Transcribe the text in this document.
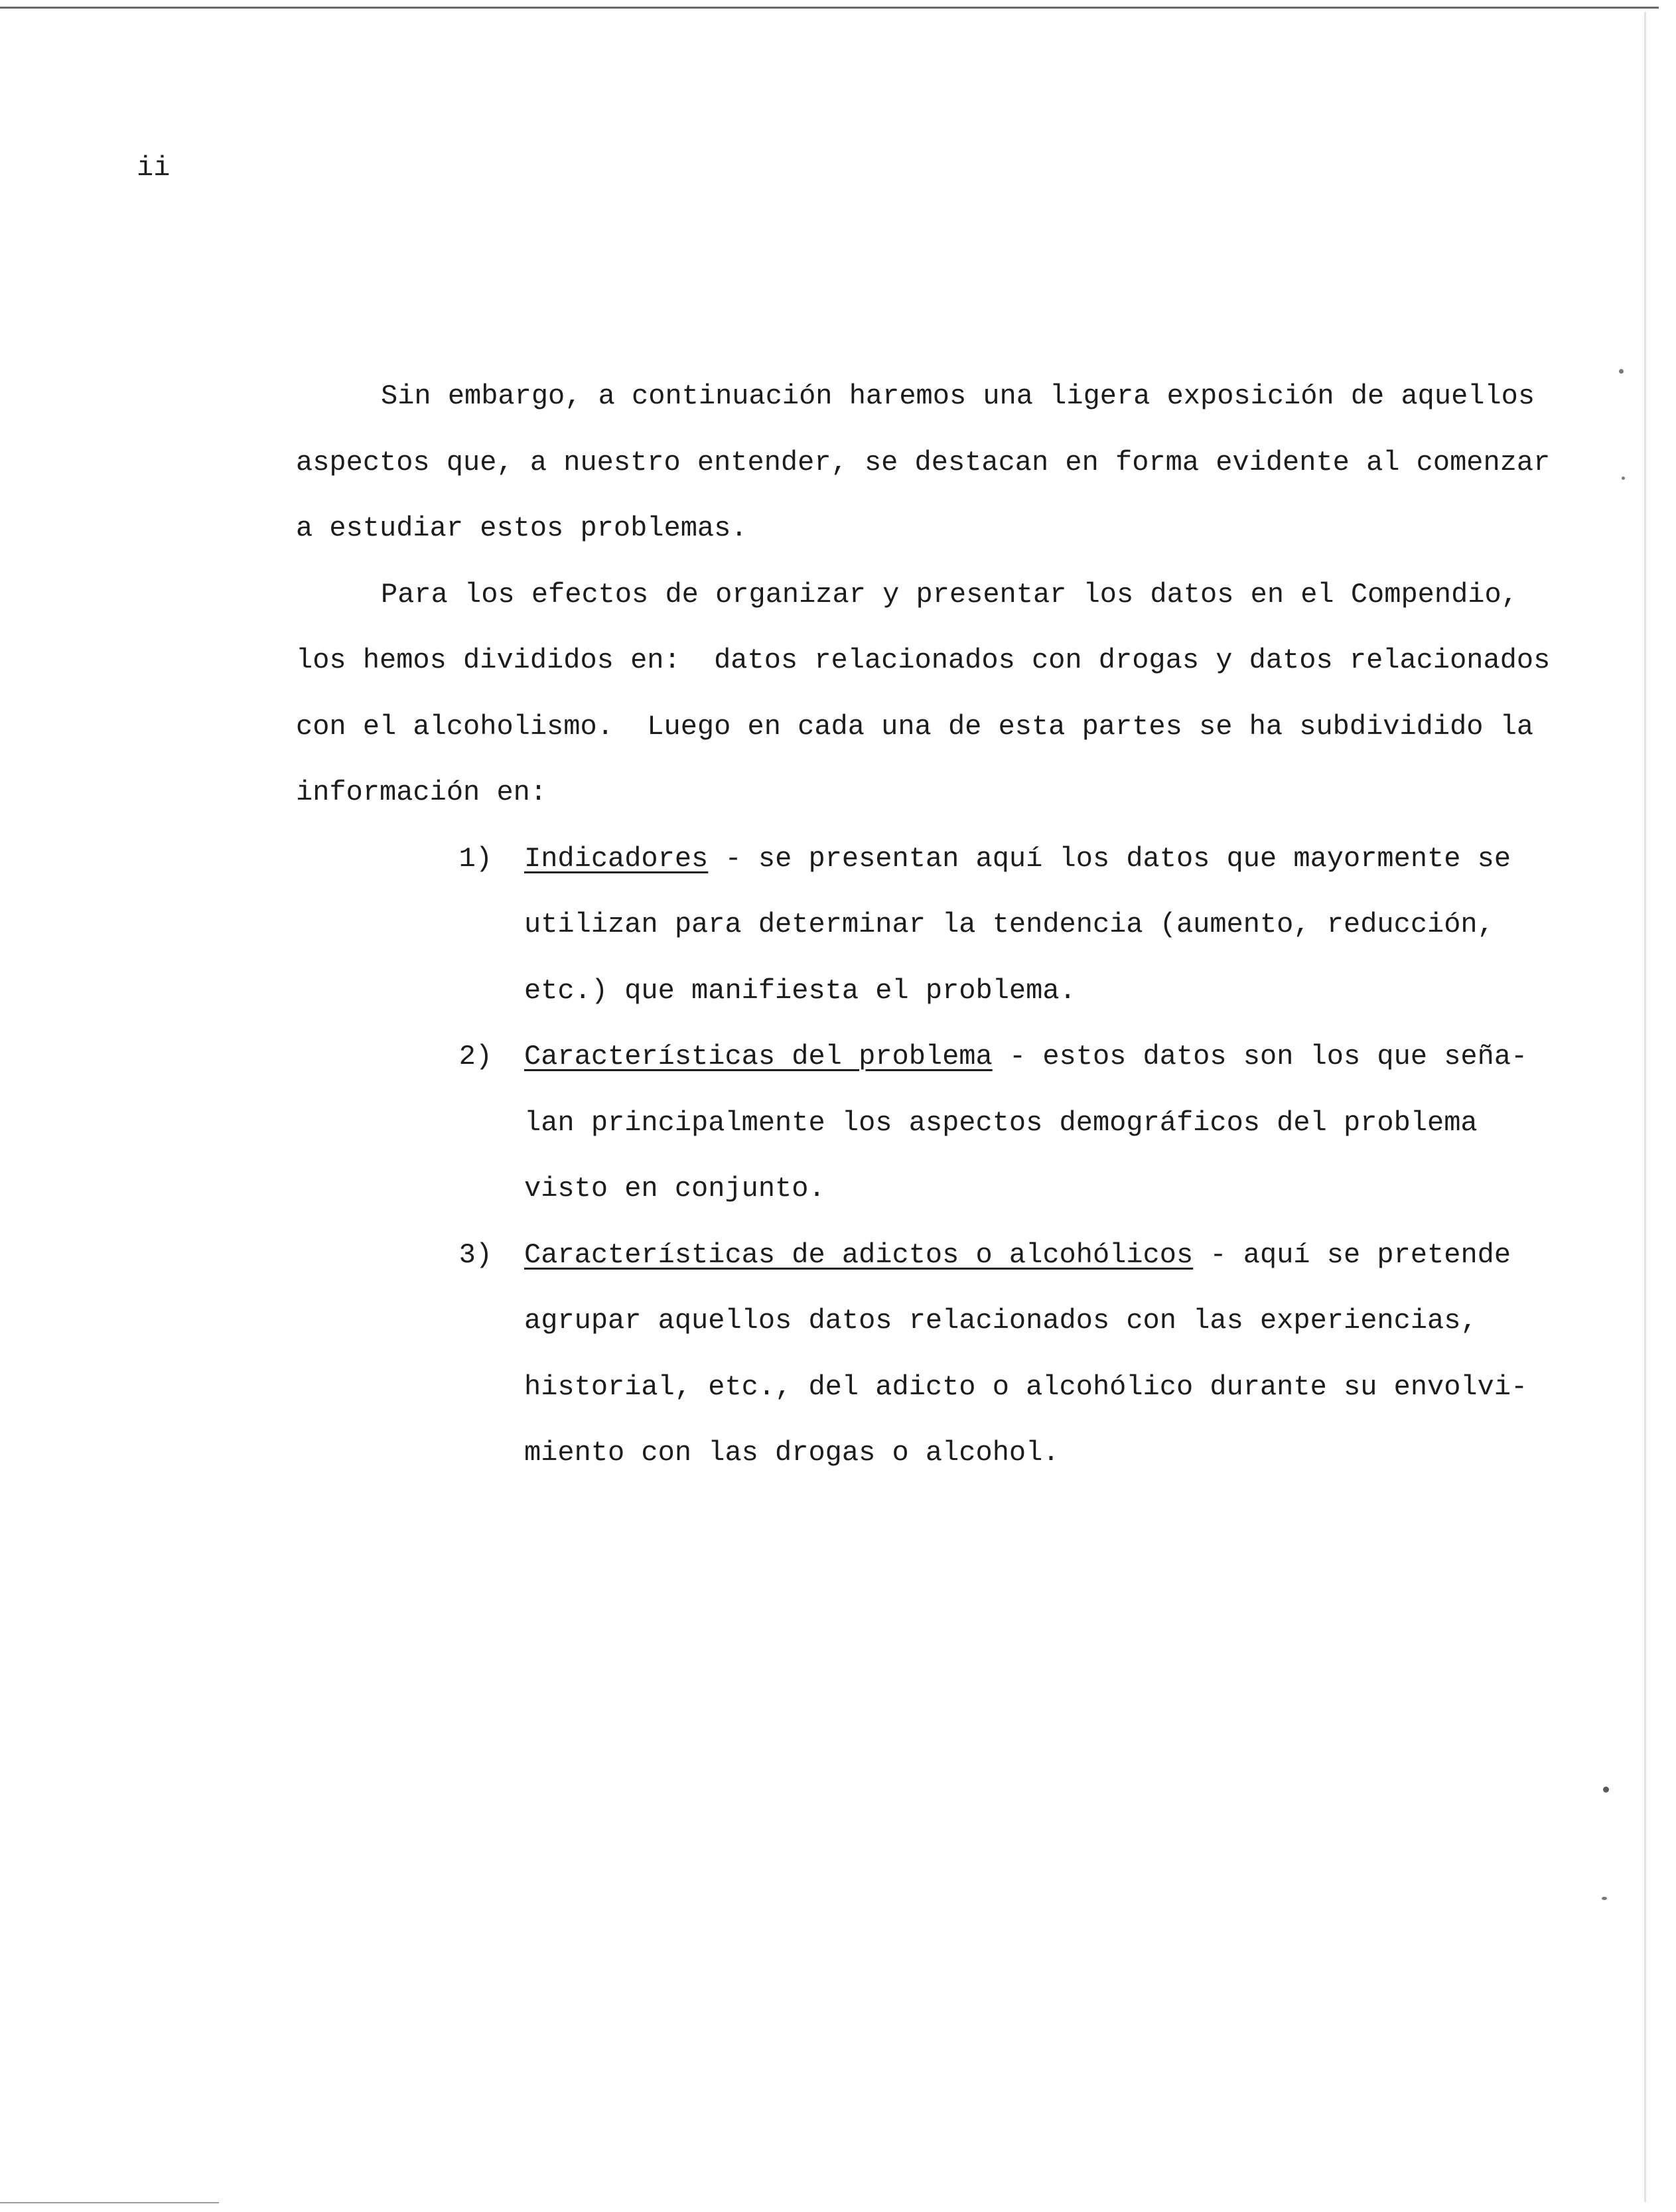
ii
Sin embargo, a continuación haremos una ligera exposición de aquellos
aspectos que, a nuestro entender, se destacan en forma evidente al comenzar
a estudiar estos problemas.
Para los efectos de organizar y presentar los datos en el Compendio,
los hemos divididos en:  datos relacionados con drogas y datos relacionados
con el alcoholismo.  Luego en cada una de esta partes se ha subdividido la
información en:
1)	Indicadores - se presentan aquí los datos que mayormente se
utilizan para determinar la tendencia (aumento, reducción,
etc.) que manifiesta el problema.
2)	Características del problema - estos datos son los que seña-
lan principalmente los aspectos demográficos del problema
visto en conjunto.
3)	Características de adictos o alcohólicos - aquí se pretende
agrupar aquellos datos relacionados con las experiencias,
historial, etc., del adicto o alcohólico durante su envolvi-
miento con las drogas o alcohol.
